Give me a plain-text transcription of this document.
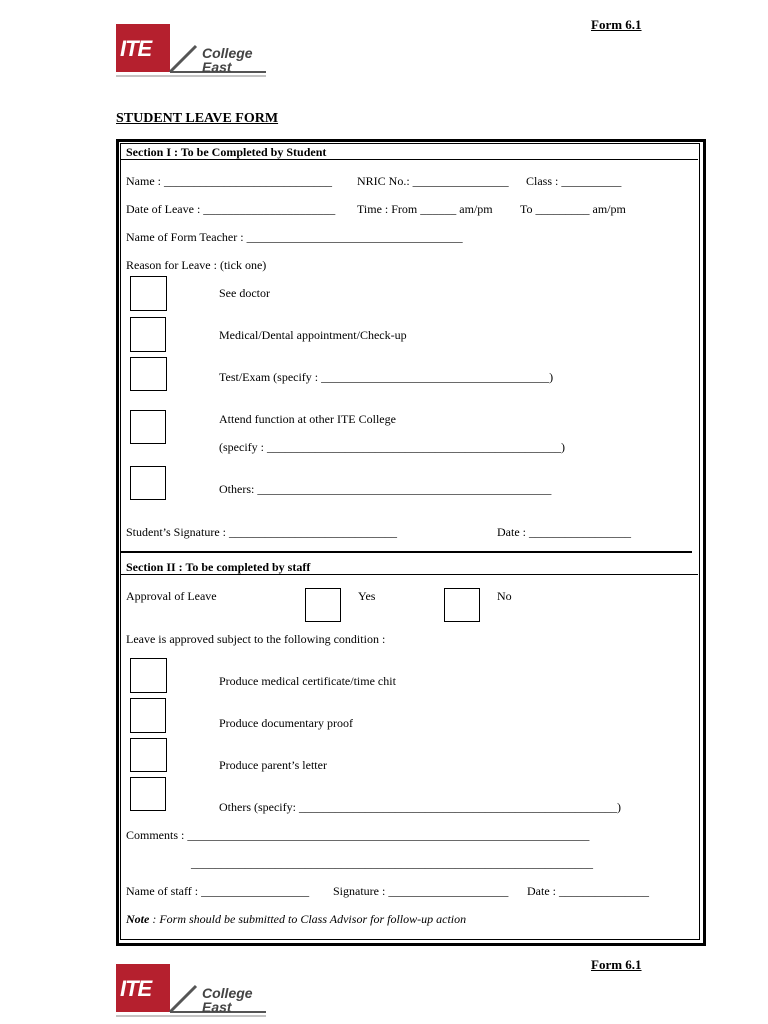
Form 6.1
ITE	College
East
STUDENT LEAVE FORM
Section I : To be Completed by Student
Name : ____________________________ NRIC No.: ________________ Class : __________
Date of Leave : ______________________ Time : From ______ am/pm To _________ am/pm
Name of Form Teacher : ____________________________________
Reason for Leave : (tick one)
See doctor
Medical/Dental appointment/Check-up
Test/Exam (specify : ______________________________________)
Attend function at other ITE College
(specify : _________________________________________________)
Others: _________________________________________________
Student’s Signature : ____________________________	Date : _________________
Section II : To be completed by staff
Approval of Leave	Yes	No
Leave is approved subject to the following condition :
Produce medical certificate/time chit
Produce documentary proof
Produce parent’s letter
Others (specify: _____________________________________________________)
Comments : ___________________________________________________________________
___________________________________________________________________
Name of staff : __________________ Signature : ____________________ Date : _______________
Note : Form should be submitted to Class Advisor for follow-up action
Form 6.1
ITE	College
East
